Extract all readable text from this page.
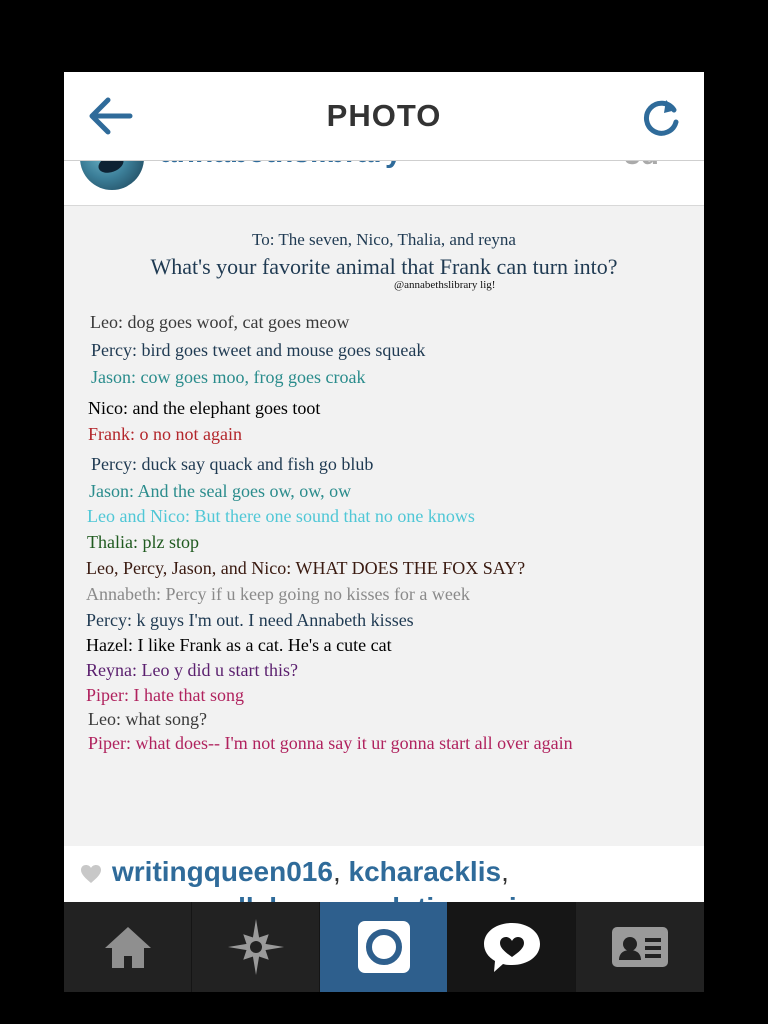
PHOTO
To: The seven, Nico, Thalia, and reyna
What's your favorite animal that Frank can turn into?
@annabethslibrary lig!
Leo: dog goes woof, cat goes meow
Percy: bird goes tweet and mouse goes squeak
Jason: cow goes moo, frog goes croak
Nico: and the elephant goes toot
Frank: o no not again
Percy: duck say quack and fish go blub
Jason: And the seal goes ow, ow, ow
Leo and Nico: But there one sound that no one knows
Thalia: plz stop
Leo, Percy, Jason, and Nico: WHAT DOES THE FOX SAY?
Annabeth: Percy if u keep going no kisses for a week
Percy: k guys I'm out. I need Annabeth kisses
Hazel: I like Frank as a cat. He's a cute cat
Reyna: Leo y did u start this?
Piper: I hate that song
Leo: what song?
Piper: what does-- I'm not gonna say it ur gonna start all over again
writingqueen016, kcharacklis,
